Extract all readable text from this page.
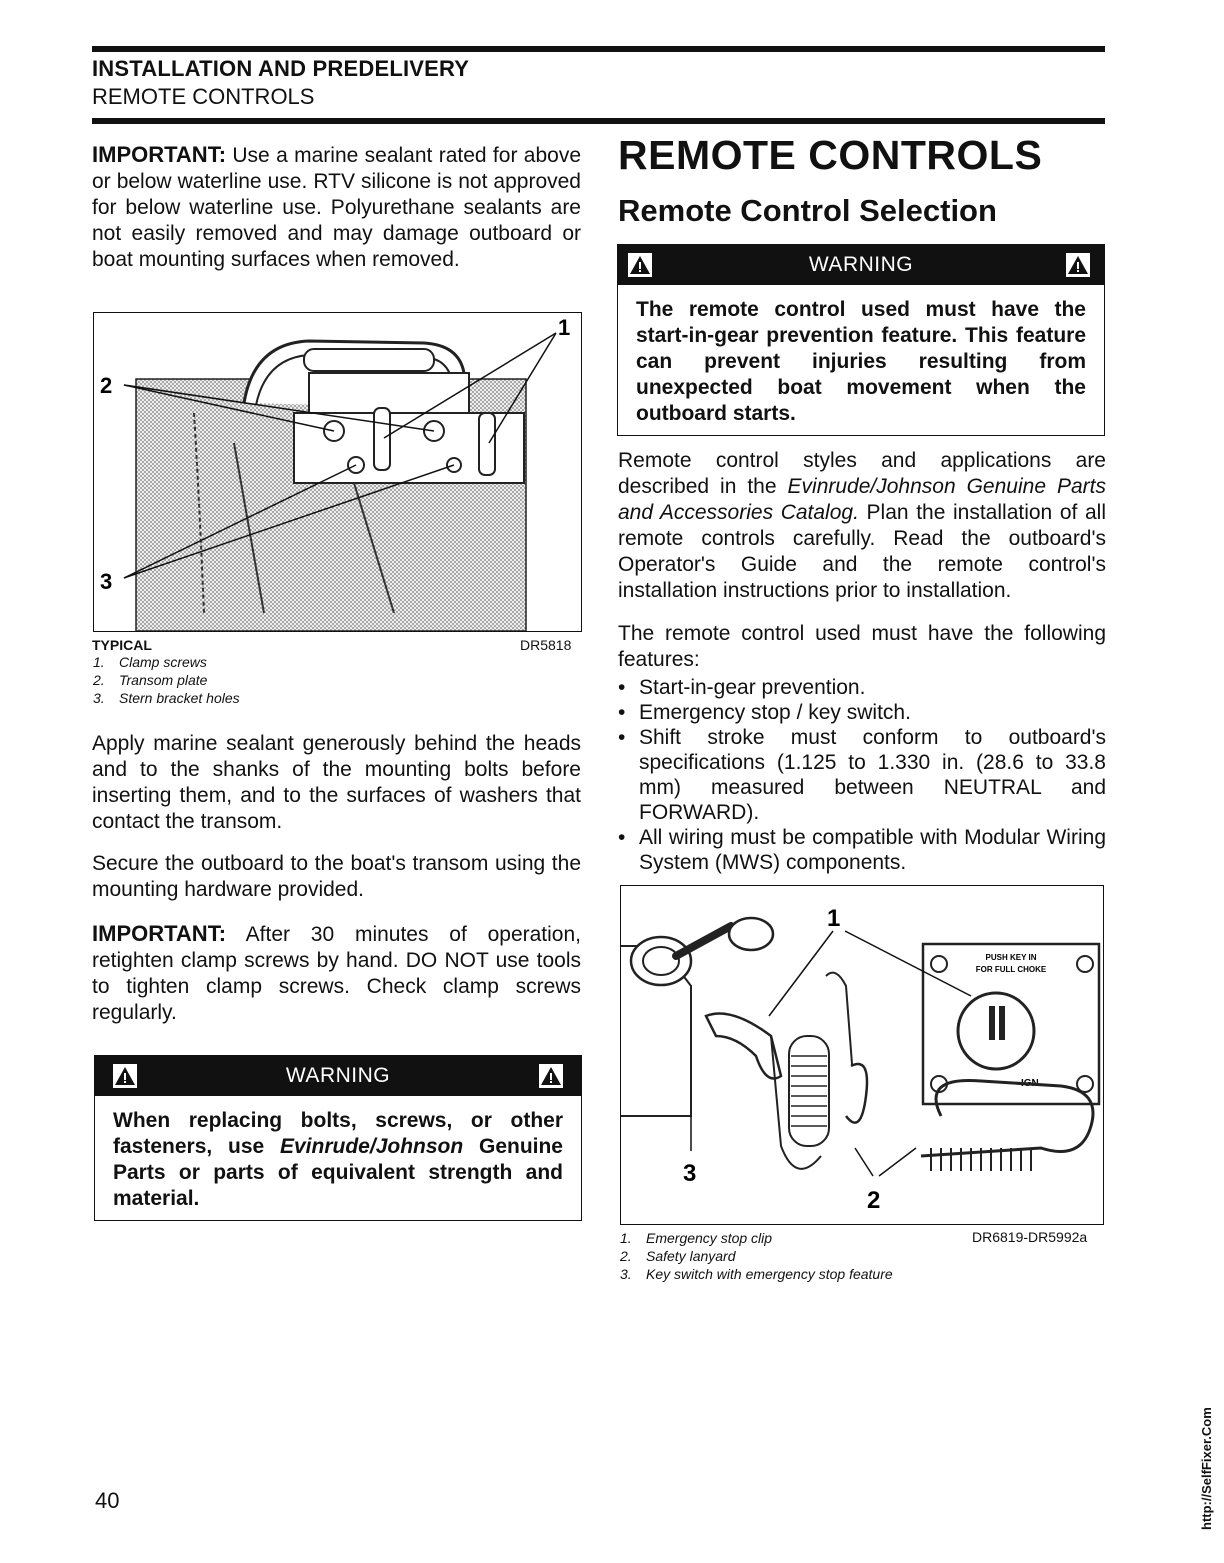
INSTALLATION AND PREDELIVERY
REMOTE CONTROLS
IMPORTANT: Use a marine sealant rated for above or below waterline use. RTV silicone is not approved for below waterline use. Polyurethane sealants are not easily removed and may damage outboard or boat mounting surfaces when removed.
1
2
3
TYPICAL	DR5818
1. Clamp screws
2. Transom plate
3. Stern bracket holes
Apply marine sealant generously behind the heads and to the shanks of the mounting bolts before inserting them, and to the surfaces of washers that contact the transom.
Secure the outboard to the boat's transom using the mounting hardware provided.
IMPORTANT: After 30 minutes of operation, retighten clamp screws by hand. DO NOT use tools to tighten clamp screws. Check clamp screws regularly.
WARNING
When replacing bolts, screws, or other fasteners, use Evinrude/Johnson Genuine Parts or parts of equivalent strength and material.
REMOTE CONTROLS
Remote Control Selection
WARNING
The remote control used must have the start-in-gear prevention feature. This feature can prevent injuries resulting from unexpected boat movement when the outboard starts.
Remote control styles and applications are described in the Evinrude/Johnson Genuine Parts and Accessories Catalog. Plan the installation of all remote controls carefully. Read the outboard's Operator's Guide and the remote control's installation instructions prior to installation.
The remote control used must have the following features:
• Start-in-gear prevention.
• Emergency stop / key switch.
• Shift stroke must conform to outboard's specifications (1.125 to 1.330 in. (28.6 to 33.8 mm) measured between NEUTRAL and FORWARD).
• All wiring must be compatible with Modular Wiring System (MWS) components.
PUSH KEY IN
FOR FULL CHOKE
IGN
1
2
3
1. Emergency stop clip
2. Safety lanyard
3. Key switch with emergency stop feature
DR6819-DR5992a
40	http://SelfFixer.Com
